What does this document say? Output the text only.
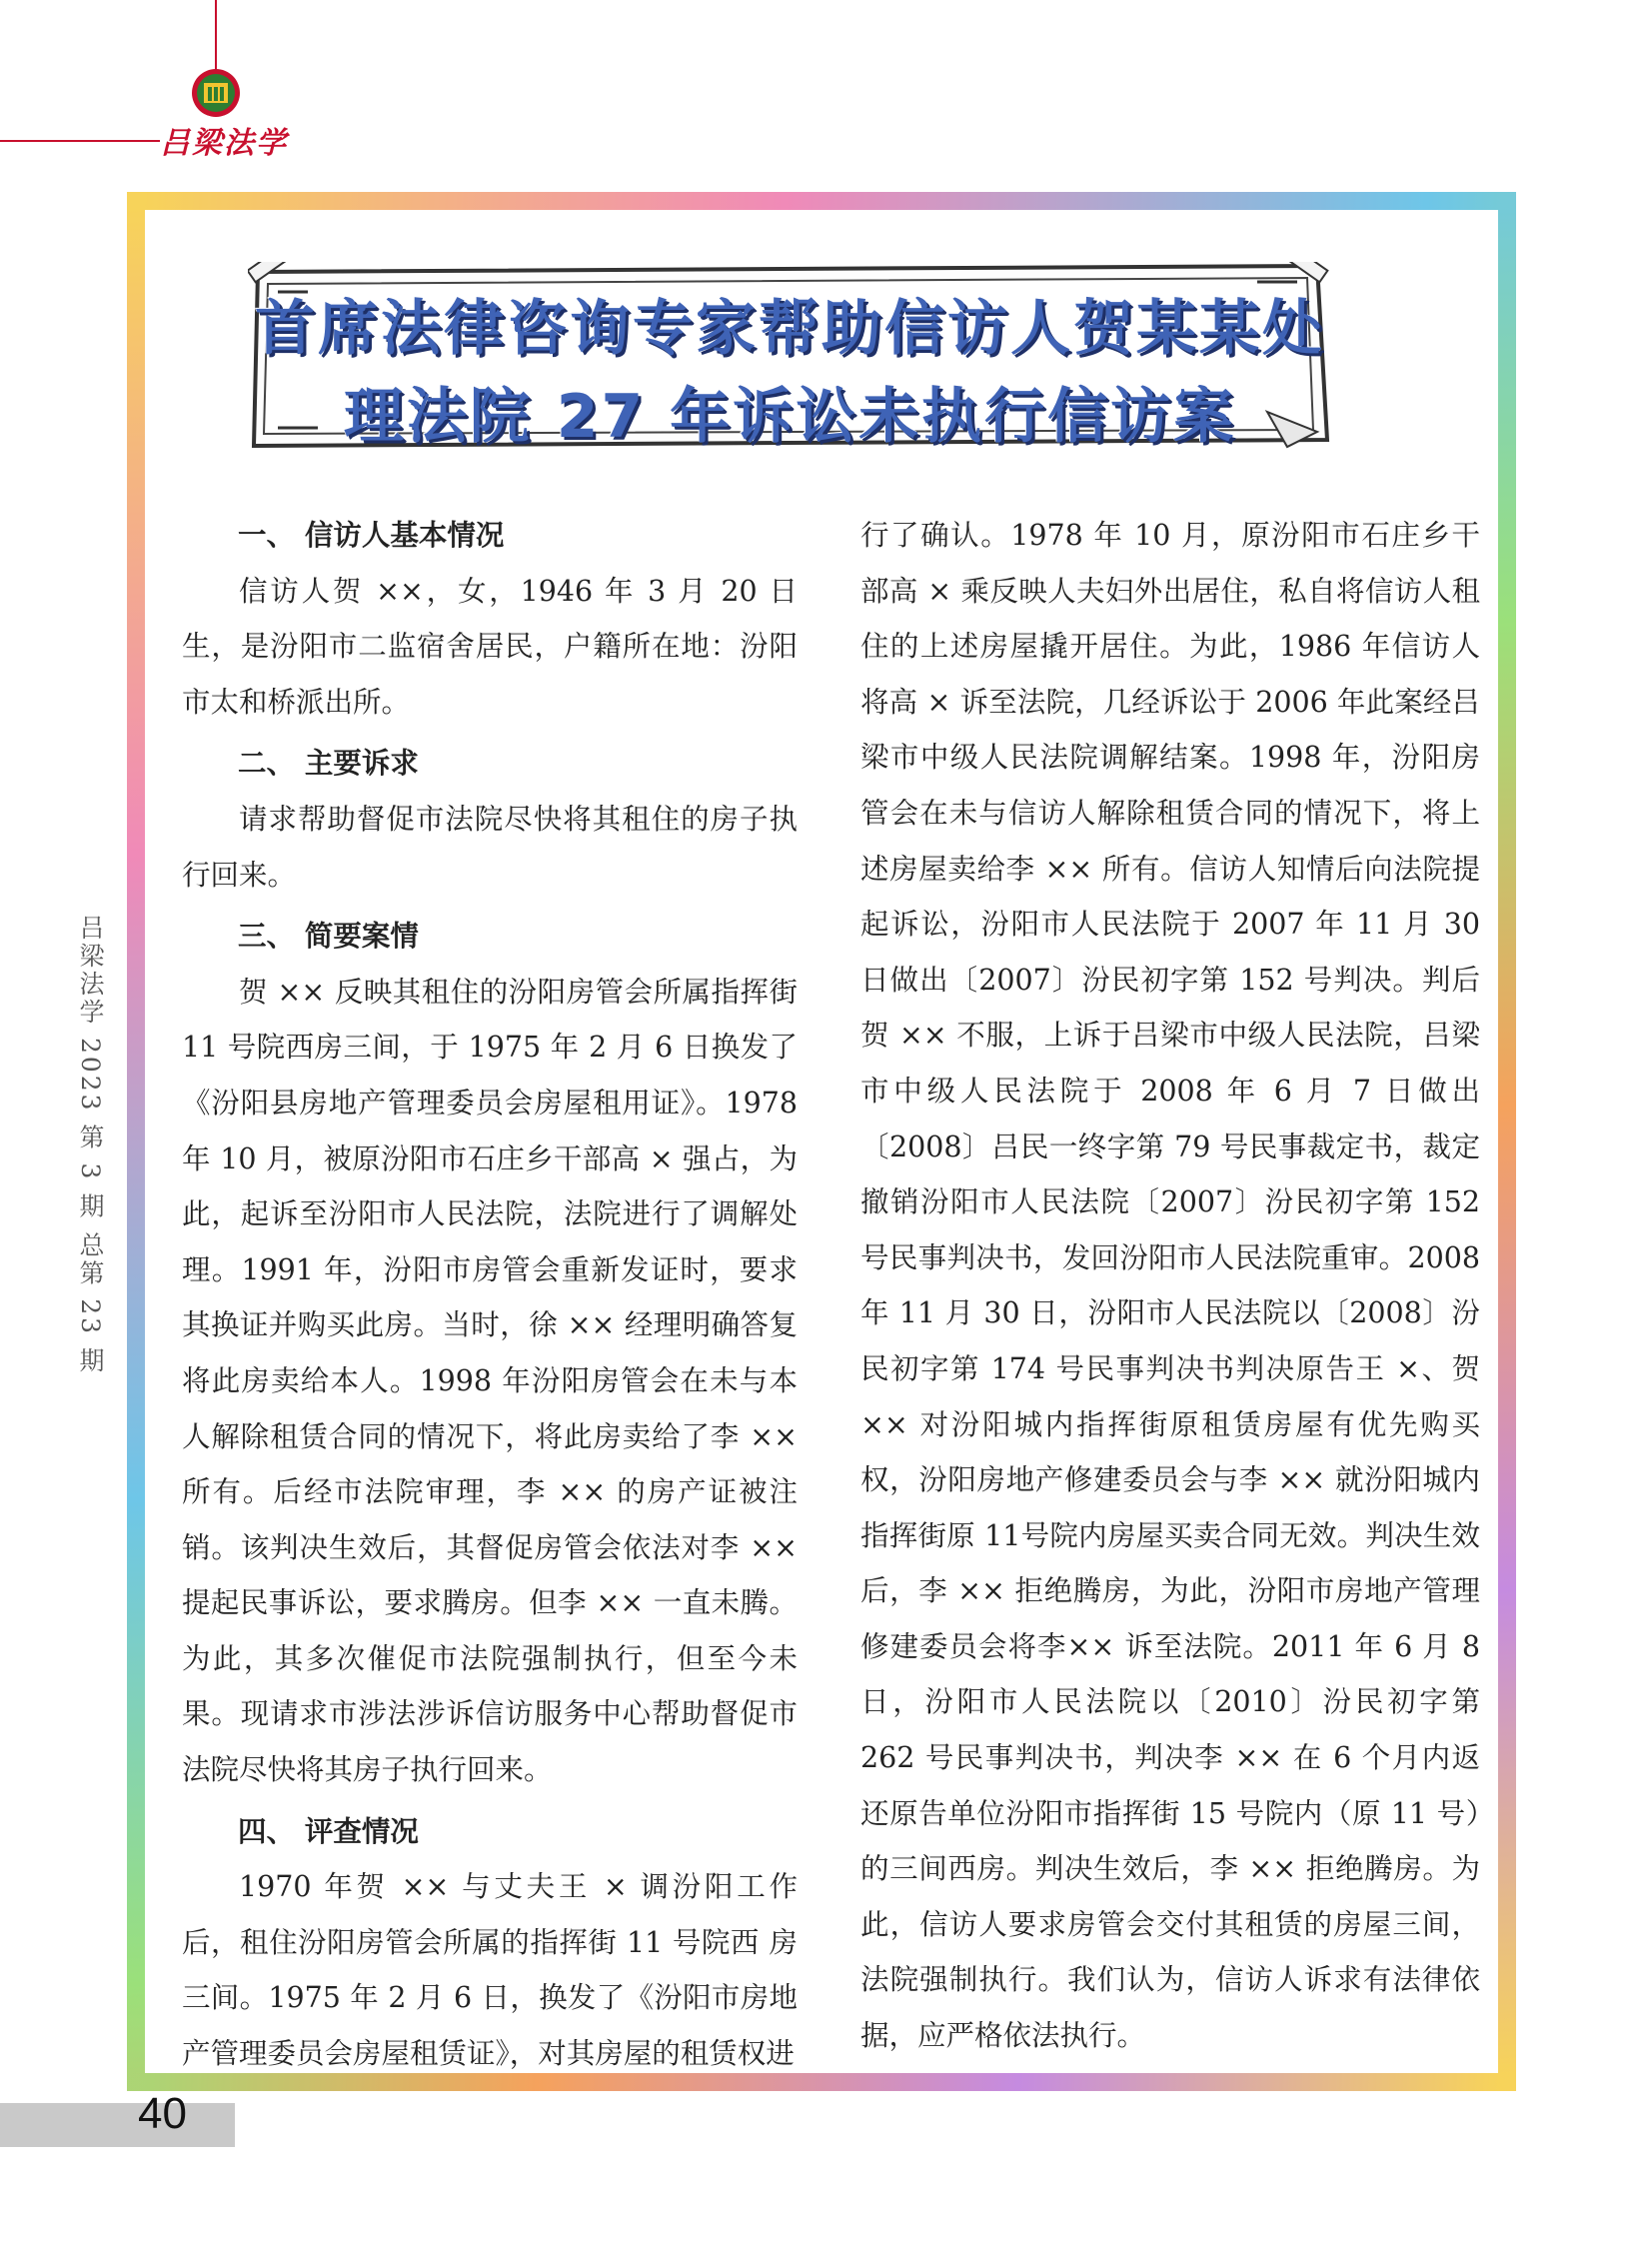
吕梁法学
吕梁法学 2023 第 3 期 总第 23 期
首席法律咨询专家帮助信访人贺某某处理法院 27 年诉讼未执行信访案
一、 信访人基本情况

信访人贺 ××，女，1946 年 3 月 20 日生，是汾阳市二监宿舍居民，户籍所在地：汾阳市太和桥派出所。

二、 主要诉求

请求帮助督促市法院尽快将其租住的房子执行回来。

三、 简要案情

贺 ×× 反映其租住的汾阳房管会所属指挥街 11 号院西房三间，于 1975 年 2 月 6 日换发了《汾阳县房地产管理委员会房屋租用证》。1978 年 10 月，被原汾阳市石庄乡干部高 × 强占，为此，起诉至汾阳市人民法院，法院进行了调解处理。1991 年，汾阳市房管会重新发证时，要求其换证并购买此房。当时，徐 ×× 经理明确答复将此房卖给本人。1998 年汾阳房管会在未与本人解除租赁合同的情况下，将此房卖给了李 ×× 所有。后经市法院审理，李 ×× 的房产证被注销。该判决生效后，其督促房管会依法对李 ×× 提起民事诉讼，要求腾房。但李 ×× 一直未腾。为此，其多次催促市法院强制执行，但至今未果。现请求市涉法涉诉信访服务中心帮助督促市法院尽快将其房子执行回来。

四、 评查情况

1970 年贺 ×× 与丈夫王 × 调汾阳工作后，租住汾阳房管会所属的指挥街 11 号院西 房三间。1975 年 2 月 6 日，换发了《汾阳市房地产管理委员会房屋租赁证》，对其房屋的租赁权进

行了确认。1978 年 10 月，原汾阳市石庄乡干部高 × 乘反映人夫妇外出居住，私自将信访人租住的上述房屋撬开居住。为此，1986 年信访人将高 × 诉至法院，几经诉讼于 2006 年此案经吕梁市中级人民法院调解结案。1998 年，汾阳房管会在未与信访人解除租赁合同的情况下，将上述房屋卖给李 ×× 所有。信访人知情后向法院提起诉讼，汾阳市人民法院于 2007 年 11 月 30 日做出〔2007〕汾民初字第 152 号判决。判后贺 ×× 不服，上诉于吕梁市中级人民法院，吕梁市中级人民法院于 2008 年 6 月 7 日做出〔2008〕吕民一终字第 79 号民事裁定书，裁定撤销汾阳市人民法院〔2007〕汾民初字第 152 号民事判决书，发回汾阳市人民法院重审。2008 年 11 月 30 日，汾阳市人民法院以〔2008〕汾民初字第 174 号民事判决书判决原告王 ×、贺 ×× 对汾阳城内指挥街原租赁房屋有优先购买权，汾阳房地产修建委员会与李 ×× 就汾阳城内指挥街原 11号院内房屋买卖合同无效。判决生效后，李 ×× 拒绝腾房，为此，汾阳市房地产管理修建委员会将李×× 诉至法院。2011 年 6 月 8 日，汾阳市人民法院以〔2010〕汾民初字第 262 号民事判决书，判决李 ×× 在 6 个月内返还原告单位汾阳市指挥街 15 号院内（原 11 号）的三间西房。判决生效后，李 ×× 拒绝腾房。为此，信访人要求房管会交付其租赁的房屋三间，法院强制执行。我们认为，信访人诉求有法律依据，应严格依法执行。

40
